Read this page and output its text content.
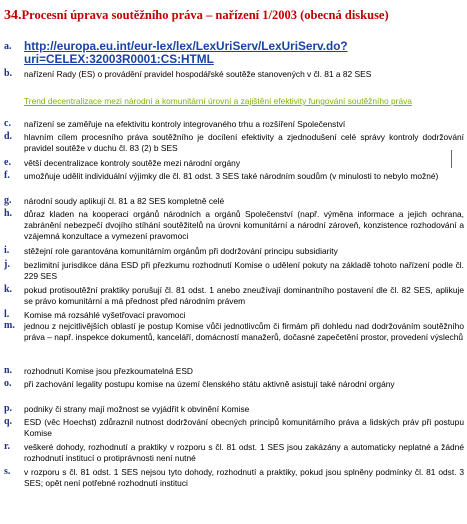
34.Procesní úprava soutěžního práva – nařízení 1/2003 (obecná diskuse)
a.	http://europa.eu.int/eur-lex/lex/LexUriServ/LexUriServ.do?
uri=CELEX:32003R0001:CS:HTML
b.	nařízení Rady (ES) o provádění pravidel hospodářské soutěže stanovených v čl. 81 a 82 SES
Trend decentralizace mezi národní a komunitární úrovní a zajištění efektivity fungování soutěžního práva
c.	nařízení se zaměřuje na efektivitu kontroly integrovaného trhu a rozšíření Společenství
d.	hlavním cílem procesního práva soutěžního je docílení efektivity a zjednodušení celé správy kontroly dodržování pravidel soutěže v duchu čl. 83 (2) b SES
e.	větší decentralizace kontroly soutěže mezi národní orgány
f.	umožňuje udělit individuální výjimky dle čl. 81 odst. 3 SES také národním soudům (v minulosti to nebylo možné)
g.	národní soudy aplikují čl. 81 a 82 SES kompletně celé
h.	důraz kladen na kooperaci orgánů národních a orgánů Společenství (např. výměna informace a jejich ochrana, zabránění nebezpečí dvojího stíhání soutěžitelů na úrovni komunitární a národní zároveň, konzistence rozhodování a vzájemná konzultace a vymezení pravomoci
i.	stěžejní role garantována komunitárním orgánům při dodržování principu subsidiarity
j.	bezlimitní jurisdikce dána ESD při přezkumu rozhodnutí Komise o udělení pokuty na základě tohoto nařízení podle čl. 229 SES
k.	pokud protisoutěžní praktiky porušují čl. 81 odst. 1 anebo zneužívají dominantního postavení dle čl. 82 SES, aplikuje se právo komunitární a má přednost před národním právem
l.	Komise má rozsáhlé vyšetřovací pravomoci
m.	jednou z nejcitlivějších oblastí je postup Komise vůči jednotlivcům či firmám při dohledu nad dodržováním soutěžního práva – např. inspekce dokumentů, kanceláří, domácností manažerů, dočasné zapečetění prostor, provedení výslechů
n.	rozhodnutí Komise jsou přezkoumatelná ESD
o.	při zachování legality postupu komise na území členského státu aktivně asistují také národní orgány
p.	podniky či strany mají možnost se vyjádřit k obvinění Komise
q.	ESD (věc Hoechst) zdůraznil nutnost dodržování obecných principů komunitárního práva a lidských práv při postupu Komise
r.	veškeré dohody, rozhodnutí a praktiky v rozporu s čl. 81 odst. 1 SES jsou zakázány a automaticky neplatné a žádné rozhodnutí institucí o protiprávnosti není nutné
s.	v rozporu s čl. 81 odst. 1 SES nejsou tyto dohody, rozhodnutí a praktiky, pokud jsou splněny podmínky čl. 81 odst. 3 SES; opět není potřebné rozhodnutí instituci
